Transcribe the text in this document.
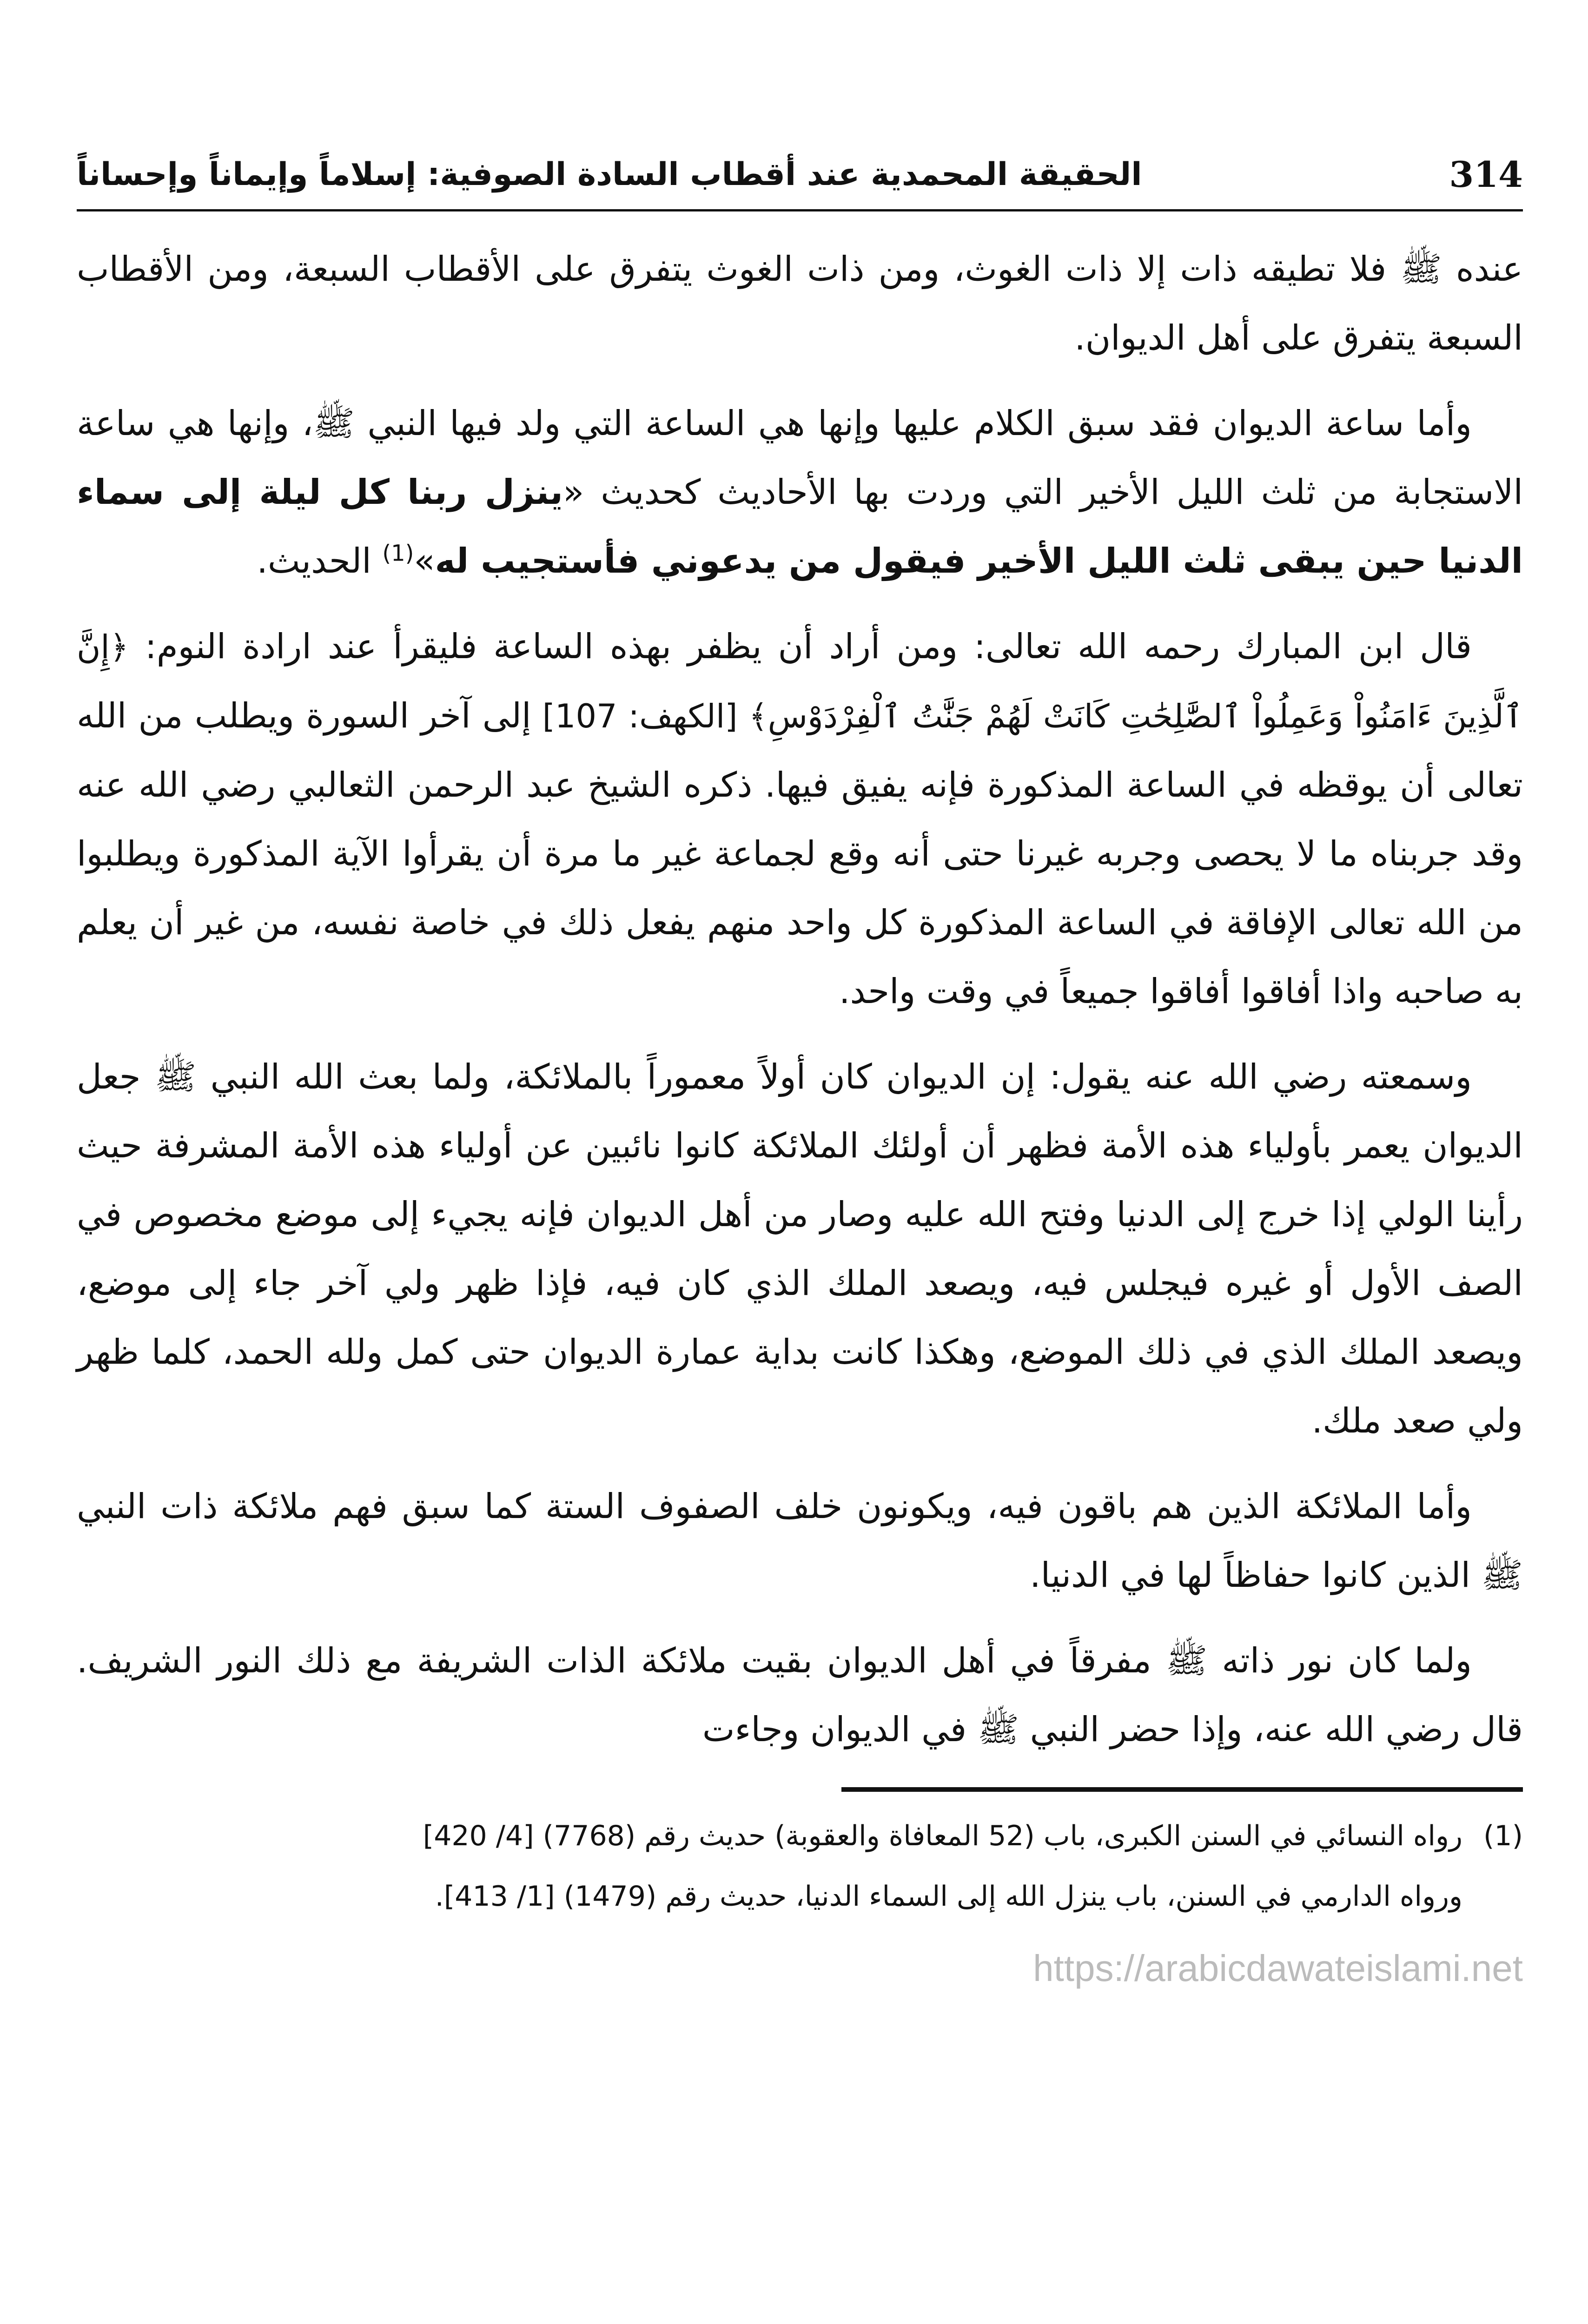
314
الحقيقة المحمدية عند أقطاب السادة الصوفية: إسلاماً وإيماناً وإحساناً

عنده ﷺ فلا تطيقه ذات إلا ذات الغوث، ومن ذات الغوث يتفرق على الأقطاب السبعة، ومن الأقطاب السبعة يتفرق على أهل الديوان.

وأما ساعة الديوان فقد سبق الكلام عليها وإنها هي الساعة التي ولد فيها النبي ﷺ، وإنها هي ساعة الاستجابة من ثلث الليل الأخير التي وردت بها الأحاديث كحديث «ينزل ربنا كل ليلة إلى سماء الدنيا حين يبقى ثلث الليل الأخير فيقول من يدعوني فأستجيب له»$^{(1)}$ الحديث.

قال ابن المبارك رحمه الله تعالى: ومن أراد أن يظفر بهذه الساعة فليقرأ عند ارادة النوم: ﴿إِنَّ ٱلَّذِينَ ءَامَنُواْ وَعَمِلُواْ ٱلصَّٰلِحَٰتِ كَانَتْ لَهُمْ جَنَّٰتُ ٱلْفِرْدَوْسِ﴾ [الكهف: 107] إلى آخر السورة ويطلب من الله تعالى أن يوقظه في الساعة المذكورة فإنه يفيق فيها. ذكره الشيخ عبد الرحمن الثعالبي رضي الله عنه وقد جربناه ما لا يحصى وجربه غيرنا حتى أنه وقع لجماعة غير ما مرة أن يقرأوا الآية المذكورة ويطلبوا من الله تعالى الإفاقة في الساعة المذكورة كل واحد منهم يفعل ذلك في خاصة نفسه، من غير أن يعلم به صاحبه واذا أفاقوا أفاقوا جميعاً في وقت واحد.

وسمعته رضي الله عنه يقول: إن الديوان كان أولاً معموراً بالملائكة، ولما بعث الله النبي ﷺ جعل الديوان يعمر بأولياء هذه الأمة فظهر أن أولئك الملائكة كانوا نائبين عن أولياء هذه الأمة المشرفة حيث رأينا الولي إذا خرج إلى الدنيا وفتح الله عليه وصار من أهل الديوان فإنه يجيء إلى موضع مخصوص في الصف الأول أو غيره فيجلس فيه، ويصعد الملك الذي كان فيه، فإذا ظهر ولي آخر جاء إلى موضع، ويصعد الملك الذي في ذلك الموضع، وهكذا كانت بداية عمارة الديوان حتى كمل ولله الحمد، كلما ظهر ولي صعد ملك.

وأما الملائكة الذين هم باقون فيه، ويكونون خلف الصفوف الستة كما سبق فهم ملائكة ذات النبي ﷺ الذين كانوا حفاظاً لها في الدنيا.

ولما كان نور ذاته ﷺ مفرقاً في أهل الديوان بقيت ملائكة الذات الشريفة مع ذلك النور الشريف. قال رضي الله عنه، وإذا حضر النبي ﷺ في الديوان وجاءت

(1)رواه النسائي في السنن الكبرى، باب (52 المعافاة والعقوبة) حديث رقم (7768) [4/ 420]
ورواه الدارمي في السنن، باب ينزل الله إلى السماء الدنيا، حديث رقم (1479) [1/ 413].
https://arabicdawateislami.net
